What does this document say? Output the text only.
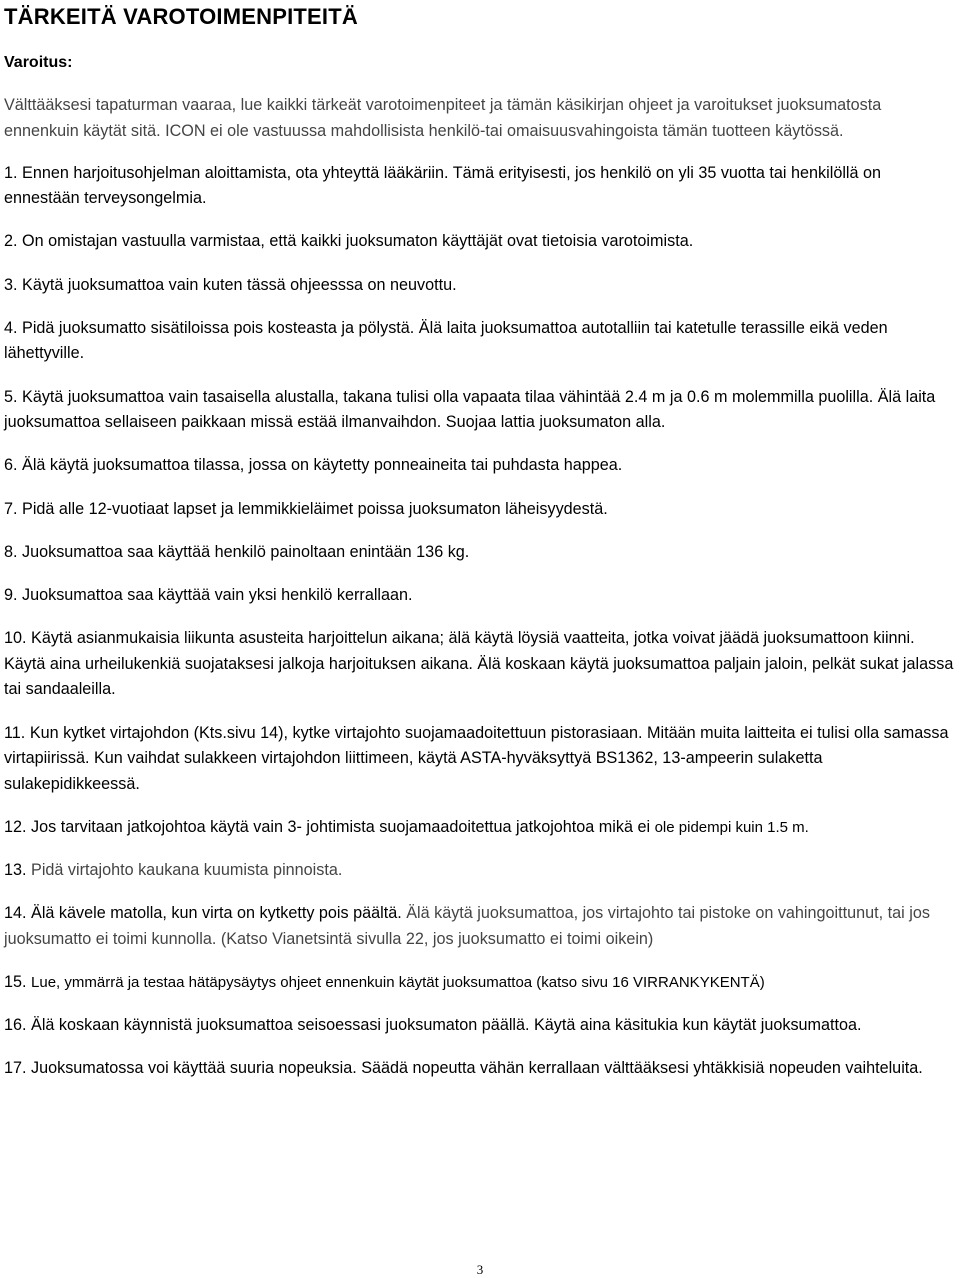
TÄRKEITÄ VAROTOIMENPITEITÄ
Varoitus:

Välttääksesi tapaturman vaaraa, lue kaikki tärkeät varotoimenpiteet ja tämän käsikirjan ohjeet ja varoitukset juoksumatosta ennenkuin käytät sitä. ICON ei ole vastuussa mahdollisista henkilö-tai omaisuusvahingoista tämän tuotteen käytössä.

1. Ennen harjoitusohjelman aloittamista, ota yhteyttä lääkäriin. Tämä erityisesti, jos henkilö on yli 35 vuotta tai henkilöllä on ennestään terveysongelmia.
2. On omistajan vastuulla varmistaa, että kaikki juoksumaton käyttäjät ovat tietoisia varotoimista.
3. Käytä juoksumattoa vain kuten tässä ohjeesssa on neuvottu.
4. Pidä juoksumatto sisätiloissa pois kosteasta ja pölystä. Älä laita juoksumattoa autotalliin tai katetulle terassille eikä veden lähettyville.
5. Käytä juoksumattoa vain tasaisella alustalla, takana tulisi olla vapaata tilaa vähintää 2.4 m ja 0.6 m molemmilla puolilla. Älä laita juoksumattoa sellaiseen paikkaan missä estää ilmanvaihdon. Suojaa lattia juoksumaton alla.
6. Älä käytä juoksumattoa tilassa, jossa on käytetty ponneaineita tai puhdasta happea.
7. Pidä alle 12-vuotiaat lapset ja lemmikkieläimet poissa juoksumaton läheisyydestä.
8. Juoksumattoa saa käyttää henkilö painoltaan enintään 136 kg.
9. Juoksumattoa saa käyttää vain yksi henkilö kerrallaan.
10. Käytä asianmukaisia liikunta asusteita harjoittelun aikana; älä käytä löysiä vaatteita, jotka voivat jäädä juoksumattoon kiinni. Käytä aina urheilukenkiä suojataksesi jalkoja harjoituksen aikana. Älä koskaan käytä juoksumattoa paljain jaloin, pelkät sukat jalassa tai sandaaleilla.
11. Kun kytket virtajohdon (Kts.sivu 14), kytke virtajohto suojamaadoitettuun pistorasiaan. Mitään muita laitteita ei tulisi olla samassa virtapiirissä. Kun vaihdat sulakkeen virtajohdon liittimeen, käytä ASTA-hyväksyttyä BS1362, 13-ampeerin sulaketta sulakepidikkeessä.
12. Jos tarvitaan jatkojohtoa käytä vain 3- johtimista suojamaadoitettua jatkojohtoa mikä ei ole pidempi kuin 1.5 m.
13. Pidä virtajohto kaukana kuumista pinnoista.
14. Älä kävele matolla, kun virta on kytketty pois päältä. Älä käytä juoksumattoa, jos virtajohto tai pistoke on vahingoittunut, tai jos juoksumatto ei toimi kunnolla. (Katso Vianetsintä sivulla 22, jos juoksumatto ei toimi oikein)
15. Lue, ymmärrä ja testaa hätäpysäytys ohjeet ennenkuin käytät juoksumattoa (katso sivu 16 VIRRANKYKENTÄ)
16. Älä koskaan käynnistä juoksumattoa seisoessasi juoksumaton päällä. Käytä aina käsitukia kun käytät juoksumattoa.
17. Juoksumatossa voi käyttää suuria nopeuksia. Säädä nopeutta vähän kerrallaan välttääksesi yhtäkkisiä nopeuden vaihteluita.
3
